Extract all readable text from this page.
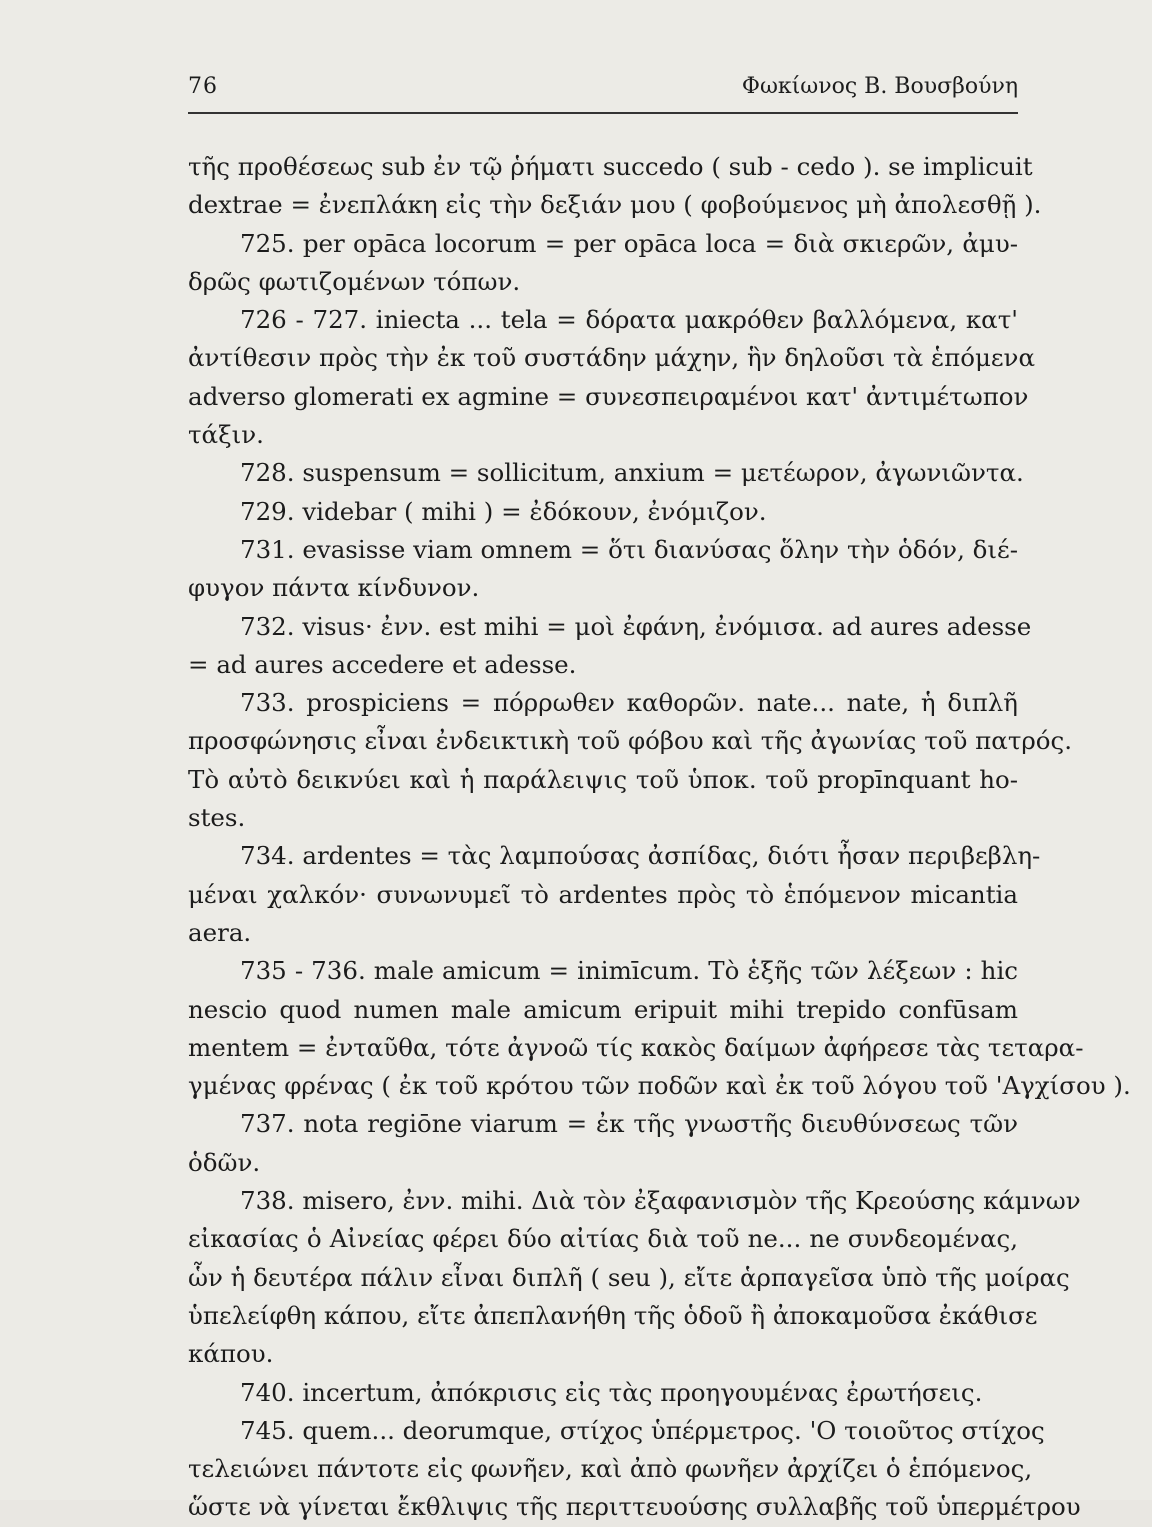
76	Φωκίωνος Β. Βουσβούνη
τῆς προθέσεως sub ἐν τῷ ῥήματι succedo ( sub - cedo ). se implicuit
dextrae = ἐνεπλάκη εἰς τὴν δεξιάν μου ( φοβούμενος μὴ ἀπολεσθῇ ).
725. per opāca locorum = per opāca loca = διὰ σκιερῶν, ἀμυ-
δρῶς φωτιζομένων τόπων.
726 - 727. iniecta ... tela = δόρατα μακρόθεν βαλλόμενα, κατ'
ἀντίθεσιν πρὸς τὴν ἐκ τοῦ συστάδην μάχην, ἣν δηλοῦσι τὰ ἑπόμενα
adverso glomerati ex agmine = συνεσπειραμένοι κατ' ἀντιμέτωπον
τάξιν.
728. suspensum = sollicitum, anxium = μετέωρον, ἀγωνιῶντα.
729. videbar ( mihi ) = ἐδόκουν, ἐνόμιζον.
731. evasisse viam omnem = ὅτι διανύσας ὅλην τὴν ὁδόν, διέ-
φυγον πάντα κίνδυνον.
732. visus· ἐνν. est mihi = μοὶ ἐφάνη, ἐνόμισα. ad aures adesse
= ad aures accedere et adesse.
733. prospiciens = πόρρωθεν καθορῶν. nate... nate, ἡ διπλῆ
προσφώνησις εἶναι ἐνδεικτικὴ τοῦ φόβου καὶ τῆς ἀγωνίας τοῦ πατρός.
Τὸ αὐτὸ δεικνύει καὶ ἡ παράλειψις τοῦ ὑποκ. τοῦ propīnquant ho-
stes.
734. ardentes = τὰς λαμπούσας ἀσπίδας, διότι ἦσαν περιβεβλη-
μέναι χαλκόν· συνωνυμεῖ τὸ ardentes πρὸς τὸ ἑπόμενον micantia
aera.
735 - 736. male amicum = inimīcum. Τὸ ἑξῆς τῶν λέξεων : hic
nescio quod numen male amicum eripuit mihi trepido confūsam
mentem = ἐνταῦθα, τότε ἀγνοῶ τίς κακὸς δαίμων ἀφήρεσε τὰς τεταρα-
γμένας φρένας ( ἐκ τοῦ κρότου τῶν ποδῶν καὶ ἐκ τοῦ λόγου τοῦ 'Αγχίσου ).
737. nota regiōne viarum = ἐκ τῆς γνωστῆς διευθύνσεως τῶν
ὁδῶν.
738. misero, ἐνν. mihi. Διὰ τὸν ἐξαφανισμὸν τῆς Κρεούσης κάμνων
εἰκασίας ὁ Αἰνείας φέρει δύο αἰτίας διὰ τοῦ ne... ne συνδεομένας,
ὧν ἡ δευτέρα πάλιν εἶναι διπλῆ ( seu ), εἴτε ἁρπαγεῖσα ὑπὸ τῆς μοίρας
ὑπελείφθη κάπου, εἴτε ἀπεπλανήθη τῆς ὁδοῦ ἢ ἀποκαμοῦσα ἐκάθισε
κάπου.
740. incertum, ἀπόκρισις εἰς τὰς προηγουμένας ἐρωτήσεις.
745. quem... deorumque, στίχος ὑπέρμετρος. 'Ο τοιοῦτος στίχος
τελειώνει πάντοτε εἰς φωνῆεν, καὶ ἀπὸ φωνῆεν ἀρχίζει ὁ ἑπόμενος,
ὥστε νὰ γίνεται ἔκθλιψις τῆς περιττευούσης συλλαβῆς τοῦ ὑπερμέτρου
